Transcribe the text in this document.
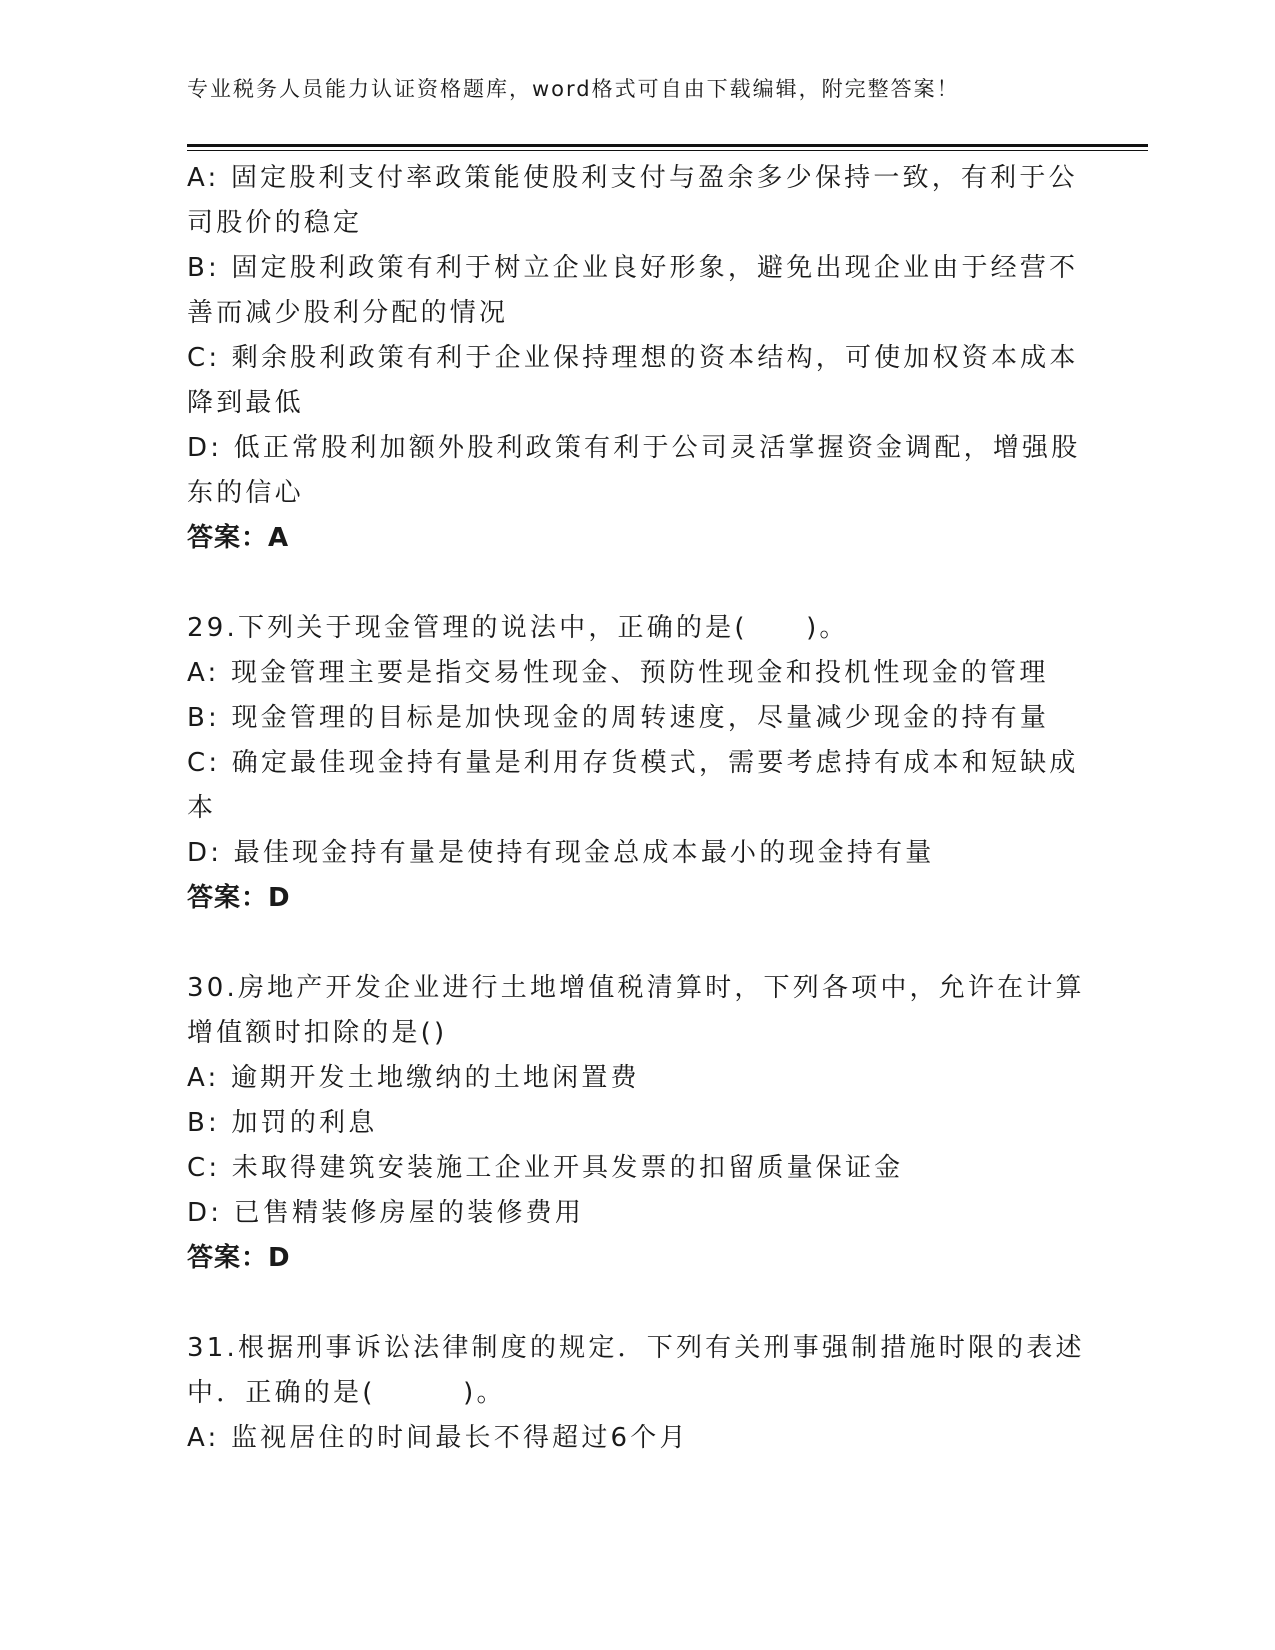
专业税务人员能力认证资格题库，word格式可自由下载编辑，附完整答案！
A: 固定股利支付率政策能使股利支付与盈余多少保持一致，有利于公
司股价的稳定
B: 固定股利政策有利于树立企业良好形象，避免出现企业由于经营不
善而减少股利分配的情况
C: 剩余股利政策有利于企业保持理想的资本结构，可使加权资本成本
降到最低
D: 低正常股利加额外股利政策有利于公司灵活掌握资金调配，增强股
东的信心
答案：A
29.下列关于现金管理的说法中，正确的是(　　)。
A: 现金管理主要是指交易性现金、预防性现金和投机性现金的管理
B: 现金管理的目标是加快现金的周转速度，尽量减少现金的持有量
C: 确定最佳现金持有量是利用存货模式，需要考虑持有成本和短缺成
本
D: 最佳现金持有量是使持有现金总成本最小的现金持有量
答案：D
30.房地产开发企业进行土地增值税清算时，下列各项中，允许在计算
增值额时扣除的是()
A: 逾期开发土地缴纳的土地闲置费
B: 加罚的利息
C: 未取得建筑安装施工企业开具发票的扣留质量保证金
D: 已售精装修房屋的装修费用
答案：D
31.根据刑事诉讼法律制度的规定．下列有关刑事强制措施时限的表述
中．正确的是(　　　)。
A: 监视居住的时间最长不得超过6个月
